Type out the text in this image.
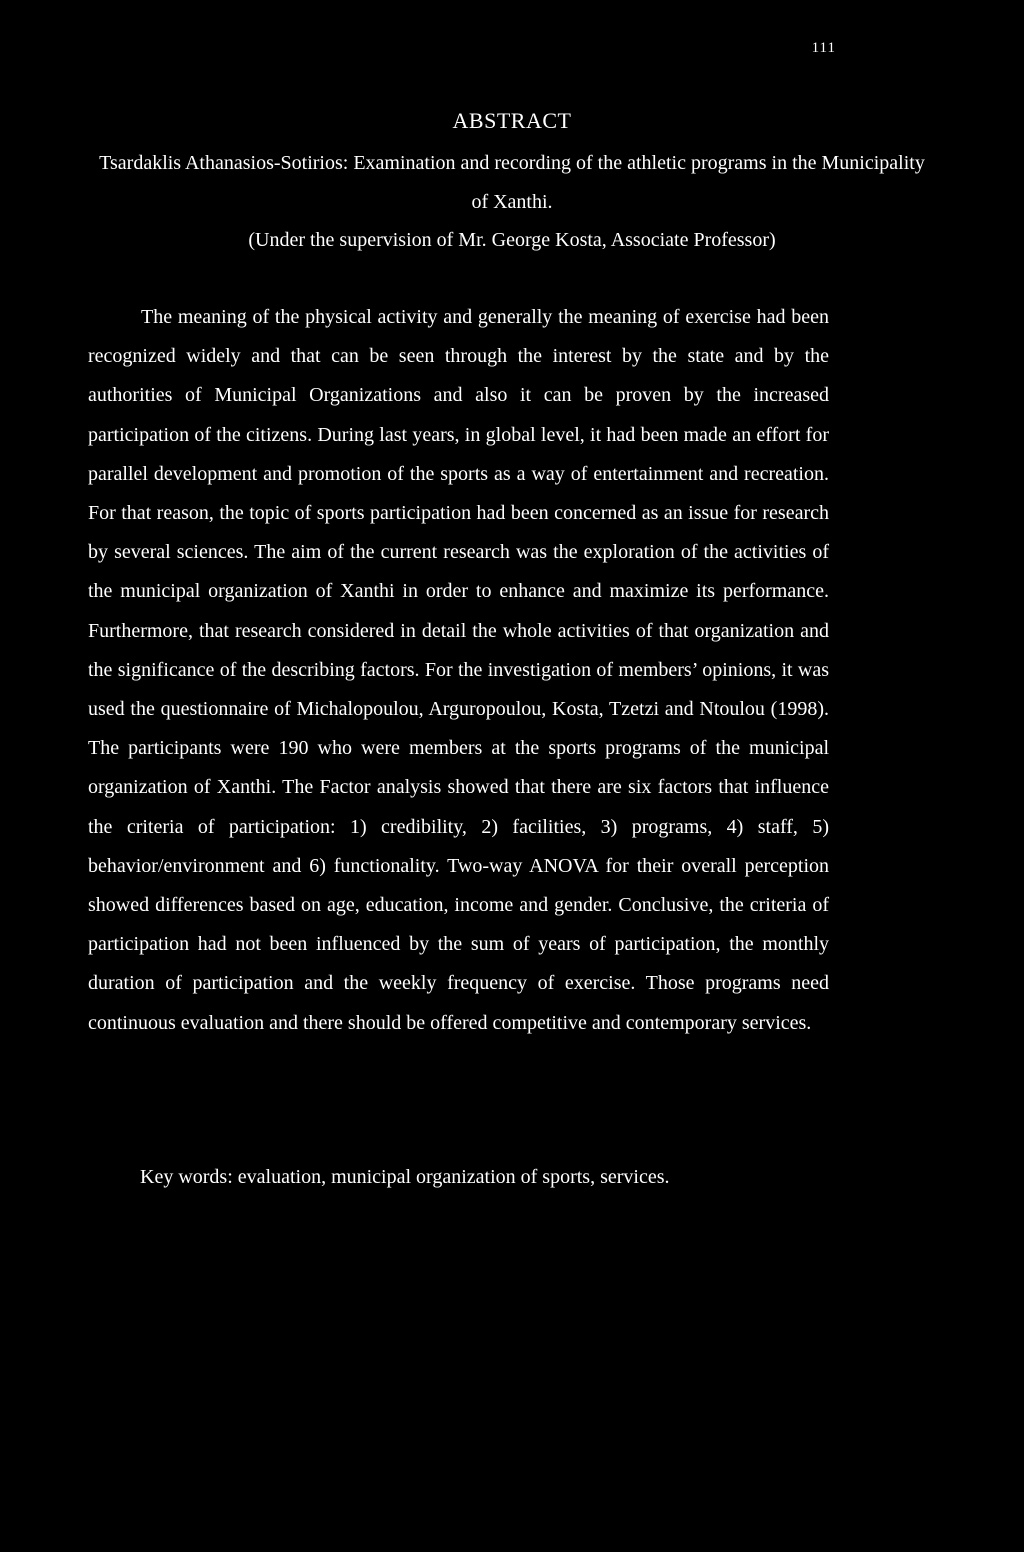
111
ABSTRACT
Tsardaklis Athanasios-Sotirios: Examination and recording of the athletic programs in the Municipality of Xanthi.
(Under the supervision of Mr. George Kosta, Associate Professor)

The meaning of the physical activity and generally the meaning of exercise had been recognized widely and that can be seen through the interest by the state and by the authorities of Municipal Organizations and also it can be proven by the increased participation of the citizens. During last years, in global level, it had been made an effort for parallel development and promotion of the sports as a way of entertainment and recreation. For that reason, the topic of sports participation had been concerned as an issue for research by several sciences. The aim of the current research was the exploration of the activities of the municipal organization of Xanthi in order to enhance and maximize its performance. Furthermore, that research considered in detail the whole activities of that organization and the significance of the describing factors. For the investigation of members’ opinions, it was used the questionnaire of Michalopoulou, Arguropoulou, Kosta, Tzetzi and Ntoulou (1998). The participants were 190 who were members at the sports programs of the municipal organization of Xanthi. The Factor analysis showed that there are six factors that influence the criteria of participation: 1) credibility, 2) facilities, 3) programs, 4) staff, 5) behavior/environment and 6) functionality. Two-way ANOVA for their overall perception showed differences based on age, education, income and gender. Conclusive, the criteria of participation had not been influenced by the sum of years of participation, the monthly duration of participation and the weekly frequency of exercise. Those programs need continuous evaluation and there should be offered competitive and contemporary services.

Key words: evaluation, municipal organization of sports, services.
